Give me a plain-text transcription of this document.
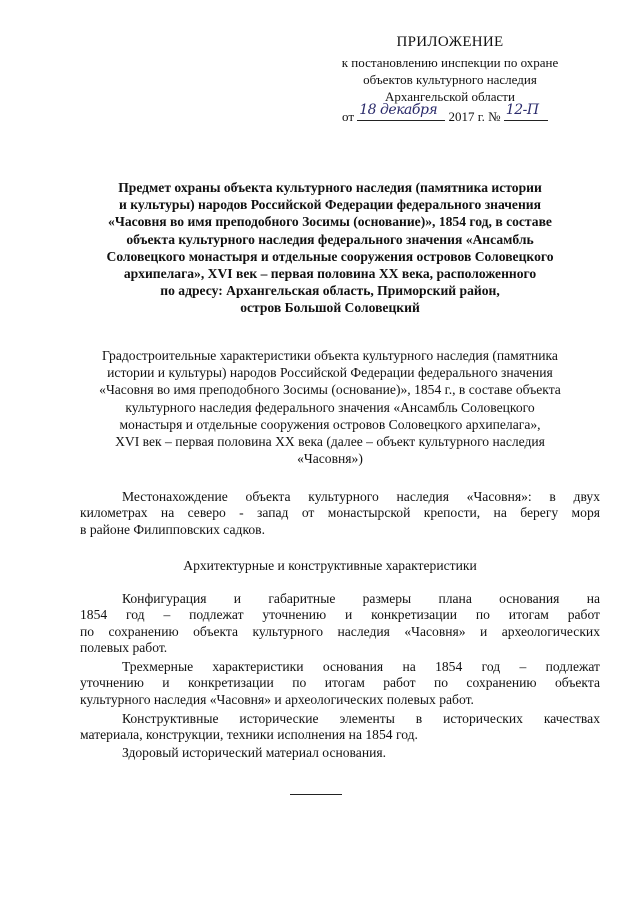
ПРИЛОЖЕНИЕ
к постановлению инспекции по охране
объектов культурного наследия
Архангельской области
от 18 декабря 2017 г. № 12-П
Предмет охраны объекта культурного наследия (памятника истории
и культуры) народов Российской Федерации федерального значения
«Часовня во имя преподобного Зосимы (основание)», 1854 год, в составе
объекта культурного наследия федерального значения «Ансамбль
Соловецкого монастыря и отдельные сооружения островов Соловецкого
архипелага», XVI век – первая половина XX века, расположенного
по адресу: Архангельская область, Приморский район,
остров Большой Соловецкий
Градостроительные характеристики объекта культурного наследия (памятника
истории и культуры) народов Российской Федерации федерального значения
«Часовня во имя преподобного Зосимы (основание)», 1854 г., в составе объекта
культурного наследия федерального значения «Ансамбль Соловецкого
монастыря и отдельные сооружения островов Соловецкого архипелага»,
XVI век – первая половина XX века (далее – объект культурного наследия
«Часовня»)
Местонахождение объекта культурного наследия «Часовня»: в двух
километрах на северо - запад от монастырской крепости, на берегу моря
в районе Филипповских садков.
Архитектурные и конструктивные характеристики
Конфигурация и габаритные размеры плана основания на
1854 год – подлежат уточнению и конкретизации по итогам работ
по сохранению объекта культурного наследия «Часовня» и археологических
полевых работ.
Трехмерные характеристики основания на 1854 год – подлежат
уточнению и конкретизации по итогам работ по сохранению объекта
культурного наследия «Часовня» и археологических полевых работ.
Конструктивные исторические элементы в исторических качествах
материала, конструкции, техники исполнения на 1854 год.
Здоровый исторический материал основания.
